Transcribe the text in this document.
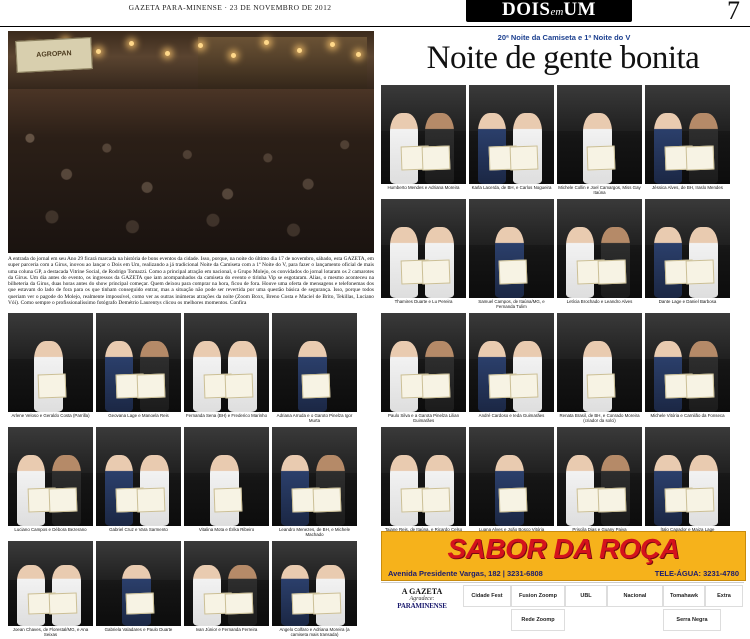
GAZETA PARA-MINENSE · 23 DE NOVEMBRO DE 2012	DOISemUM	7
20ª Noite da Camiseta e 1ª Noite do V
Noite de gente bonita
AGROPAN
FOTOS: DEMETRIO LAURENTYS
A entrada do jornal em seu Ano 29 ficará marcada na história de bons eventos da cidade. Isso, porque, na noite do último dia 17 de novembro, sábado, esta GAZETA, em super parceria com a Girus, inovou ao lançar o Dois em Um, realizando a já tradicional Noite da Camiseta com a 1ª Noite do V, para fazer o lançamento oficial de mais uma coluna GP, a destacada Vitrine Social, de Rodrigo Tomazzi. Como a principal atração em nacional, o Grupo Molejo, os convidados do jornal lotaram os 2 camarotes da Girus. Um dia antes do evento, os ingressos da GAZETA que iam acompanhados da camiseta do evento e tirinha Vip se esgotaram. Alias, o mesmo aconteceu na bilheteria da Girus, duas horas antes do show principal começar. Quem deixou para comprar na hora, ficou de fora. Houve uma oferta de mensagens e telefonemas dos que estavam do lado de fora para os que tinham conseguido entrar, mas a situação não pode ser revertida por uma questão básica de segurança. Isso, porque todos queriam ver o pagode do Molejo, realmente impossível, como ver as outras inúmeras atrações da noite (Zoom Boxx, Breno Costa e Maciel de Brito, Tekillas, Luciano Vói). Como sempre o profissionalíssimo fotógrafo Demétrio Laurentys clicou os melhores momentos. Confira
SABOR DA ROÇA
Avenida Presidente Vargas, 182 | 3231-6808	TELE-ÁGUA: 3231-4780
A GAZETA
Agradece:
PARAMINENSE
Cidade Fest	Fusion Zoomp	UBL	Nacional	Tomahawk	Extra
Rede Zoomp	Serra Negra
Humberto Mendes e Adriana Moreira	Karla Lacerda, de BH, e Carlos Nogueira	Michele Collin e Joel Camargos, Miss Gay Itaúna
Jéssica Alves, de BH, Iraslo Mendes
Thamires Duarte e Lu Pereira	Samuel Campos, de Itaúna/MG, e Fernanda Tulim
Letícia Brochado e Leandro Alves	Dante Lage e Daniel Barbosa
Arlene Veloso e Geraldo Costa (Parrilla)	Geovana Lage e Manoela Reis	Fernanda Sena (BH) e Frederico Marinho	Adriana Arruda e o Garoto Pinelza Igor Murta
Paulo Silva e a Garota Pinelza Lilian Guimarães
André Cardoso e Ieda Guimarães	Renata Brasil, de BH, e Conrado Moreira (criador da solci)
Michele Vitória e Carnilão da Fonseca
Luciano Campos e Débora Bezerano	Gabriel Cruz e Vara Sarmento	Vitalina Mota e Érika Ribeiro	Leandro Menezes, de BH, e Michele Machado
Taiane Reis, de Itaúna, e Ricardo Celso	Luana Alves e João Bosco Vitória	Priscila Dias e Guany Paiva	Ítalo Capador e Maiza Lage
Joean Chaves, de Florestal/MG, e Ana Seixas
Gabriela Valadares e Paulo Duarte	Ivan Júnior e Fernanda Ferreira	Angelo Colfaro e Adriana Moreira (a camiseta mais transada)
